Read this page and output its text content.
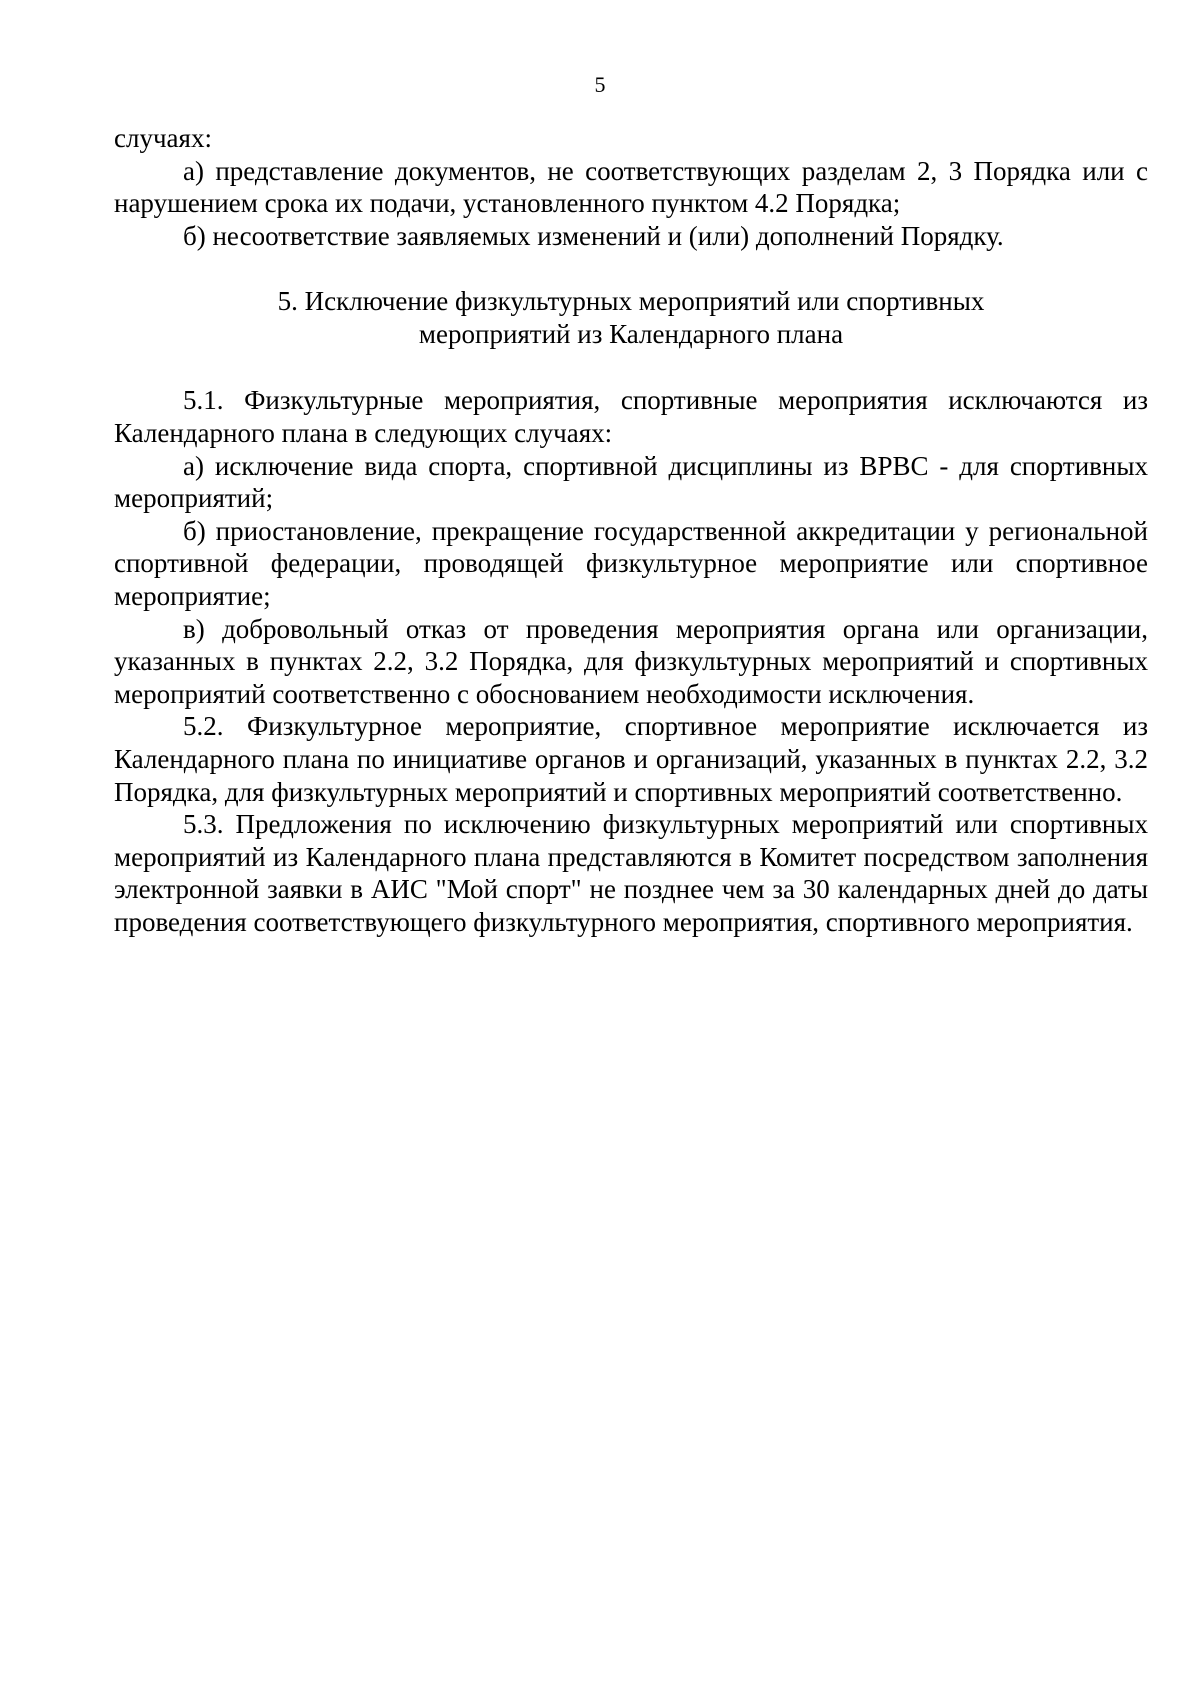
5

случаях:

а) представление документов, не соответствующих разделам 2, 3 Порядка или с нарушением срока их подачи, установленного пунктом 4.2 Порядка;

б) несоответствие заявляемых изменений и (или) дополнений Порядку.

5. Исключение физкультурных мероприятий или спортивных
мероприятий из Календарного плана

5.1. Физкультурные мероприятия, спортивные мероприятия исключаются из Календарного плана в следующих случаях:

а) исключение вида спорта, спортивной дисциплины из ВРВС - для спортивных мероприятий;

б) приостановление, прекращение государственной аккредитации у региональной спортивной федерации, проводящей физкультурное мероприятие или спортивное мероприятие;

в) добровольный отказ от проведения мероприятия органа или организации, указанных в пунктах 2.2, 3.2 Порядка, для физкультурных мероприятий и спортивных мероприятий соответственно с обоснованием необходимости исключения.

5.2. Физкультурное мероприятие, спортивное мероприятие исключается из Календарного плана по инициативе органов и организаций, указанных в пунктах 2.2, 3.2 Порядка, для физкультурных мероприятий и спортивных мероприятий соответственно.

5.3. Предложения по исключению физкультурных мероприятий или спортивных мероприятий из Календарного плана представляются в Комитет посредством заполнения электронной заявки в АИС "Мой спорт" не позднее чем за 30 календарных дней до даты проведения соответствующего физкультурного мероприятия, спортивного мероприятия.
